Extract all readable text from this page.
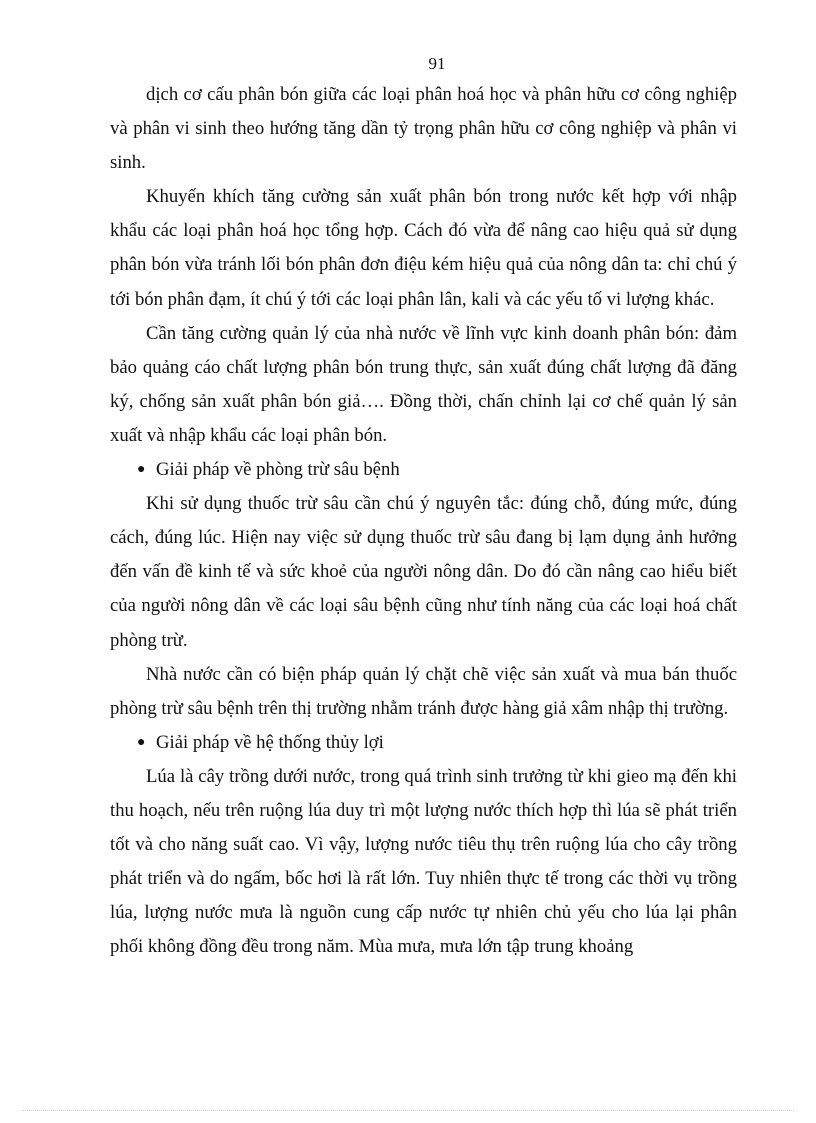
91

dịch cơ cấu phân bón giữa các loại phân hoá học và phân hữu cơ công nghiệp và phân vi sinh theo hướng tăng dần tỷ trọng phân hữu cơ công nghiệp và phân vi sinh.

Khuyến khích tăng cường sản xuất phân bón trong nước kết hợp với nhập khẩu các loại phân hoá học tổng hợp. Cách đó vừa để nâng cao hiệu quả sử dụng phân bón vừa tránh lối bón phân đơn điệu kém hiệu quả của nông dân ta: chỉ chú ý tới bón phân đạm, ít chú ý tới các loại phân lân, kali và các yếu tố vi lượng khác.

Cần tăng cường quản lý của nhà nước về lĩnh vực kinh doanh phân bón: đảm bảo quảng cáo chất lượng phân bón trung thực, sản xuất đúng chất lượng đã đăng ký, chống sản xuất phân bón giả…. Đồng thời, chấn chỉnh lại cơ chế quản lý sản xuất và nhập khẩu các loại phân bón.

● Giải pháp về phòng trừ sâu bệnh

Khi sử dụng thuốc trừ sâu cần chú ý nguyên tắc: đúng chỗ, đúng mức, đúng cách, đúng lúc. Hiện nay việc sử dụng thuốc trừ sâu đang bị lạm dụng ảnh hưởng đến vấn đề kinh tế và sức khoẻ của người nông dân. Do đó cần nâng cao hiểu biết của người nông dân về các loại sâu bệnh cũng như tính năng của các loại hoá chất phòng trừ.

Nhà nước cần có biện pháp quản lý chặt chẽ việc sản xuất và mua bán thuốc phòng trừ sâu bệnh trên thị trường nhằm tránh được hàng giả xâm nhập thị trường.

● Giải pháp về hệ thống thủy lợi

Lúa là cây trồng dưới nước, trong quá trình sinh trưởng từ khi gieo mạ đến khi thu hoạch, nếu trên ruộng lúa duy trì một lượng nước thích hợp thì lúa sẽ phát triển tốt và cho năng suất cao. Vì vậy, lượng nước tiêu thụ trên ruộng lúa cho cây trồng phát triển và do ngấm, bốc hơi là rất lớn. Tuy nhiên thực tế trong các thời vụ trồng lúa, lượng nước mưa là nguồn cung cấp nước tự nhiên chủ yếu cho lúa lại phân phối không đồng đều trong năm. Mùa mưa, mưa lớn tập trung khoảng
